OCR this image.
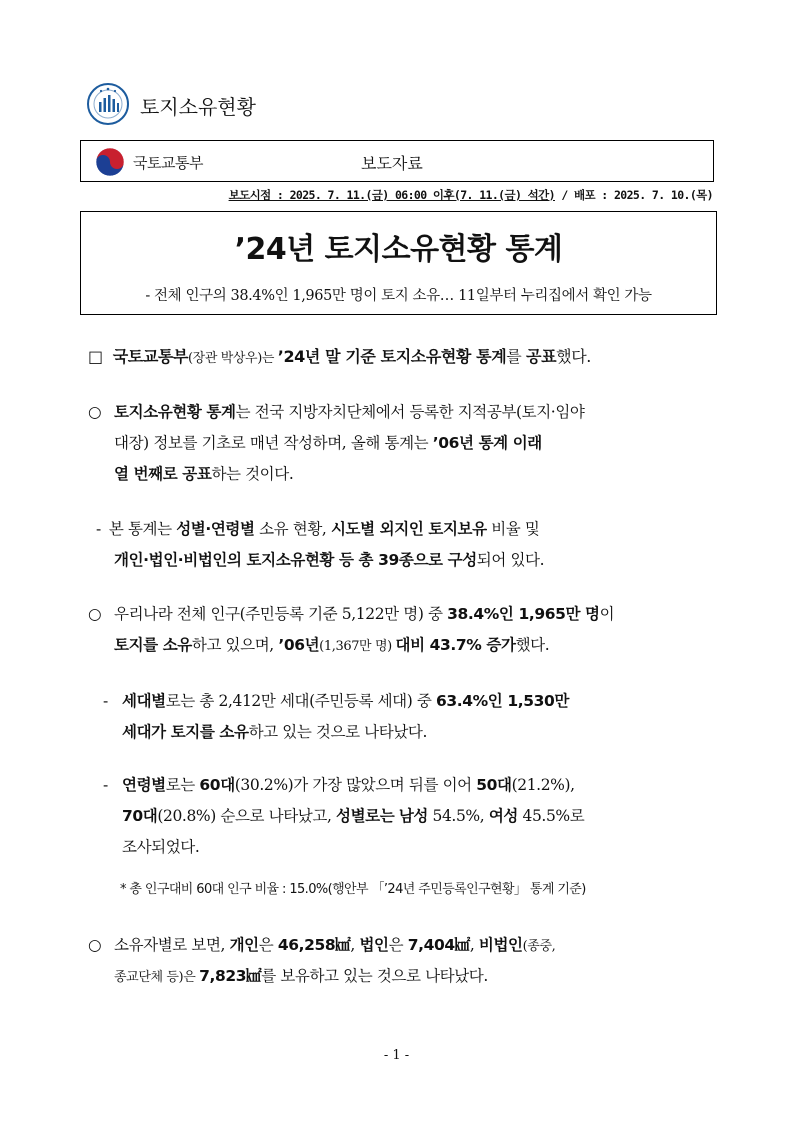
토지소유현황
국토교통부	보도자료
보도시점 : 2025. 7. 11.(금) 06:00 이후(7. 11.(금) 석간) / 배포 : 2025. 7. 10.(목)
’24년 토지소유현황 통계
- 전체 인구의 38.4%인 1,965만 명이 토지 소유… 11일부터 누리집에서 확인 가능
□ 국토교통부(장관 박상우)는 ’24년 말 기준 토지소유현황 통계를 공표했다.
○ 토지소유현황 통계는 전국 지방자치단체에서 등록한 지적공부(토지·임야
대장) 정보를 기초로 매년 작성하며, 올해 통계는 ’06년 통계 이래
열 번째로 공표하는 것이다.
- 본 통계는 성별·연령별 소유 현황, 시도별 외지인 토지보유 비율 및
개인·법인·비법인의 토지소유현황 등 총 39종으로 구성되어 있다.
○ 우리나라 전체 인구(주민등록 기준 5,122만 명) 중 38.4%인 1,965만 명이
토지를 소유하고 있으며, ’06년(1,367만 명) 대비 43.7% 증가했다.
- 세대별로는 총 2,412만 세대(주민등록 세대) 중 63.4%인 1,530만
세대가 토지를 소유하고 있는 것으로 나타났다.
- 연령별로는 60대(30.2%)가 가장 많았으며 뒤를 이어 50대(21.2%),
70대(20.8%) 순으로 나타났고, 성별로는 남성 54.5%, 여성 45.5%로
조사되었다.
* 총 인구대비 60대 인구 비율 : 15.0%(행안부 「’24년 주민등록인구현황」 통계 기준)
○ 소유자별로 보면, 개인은 46,258㎢, 법인은 7,404㎢, 비법인(종중,
종교단체 등)은 7,823㎢를 보유하고 있는 것으로 나타났다.
- 1 -
